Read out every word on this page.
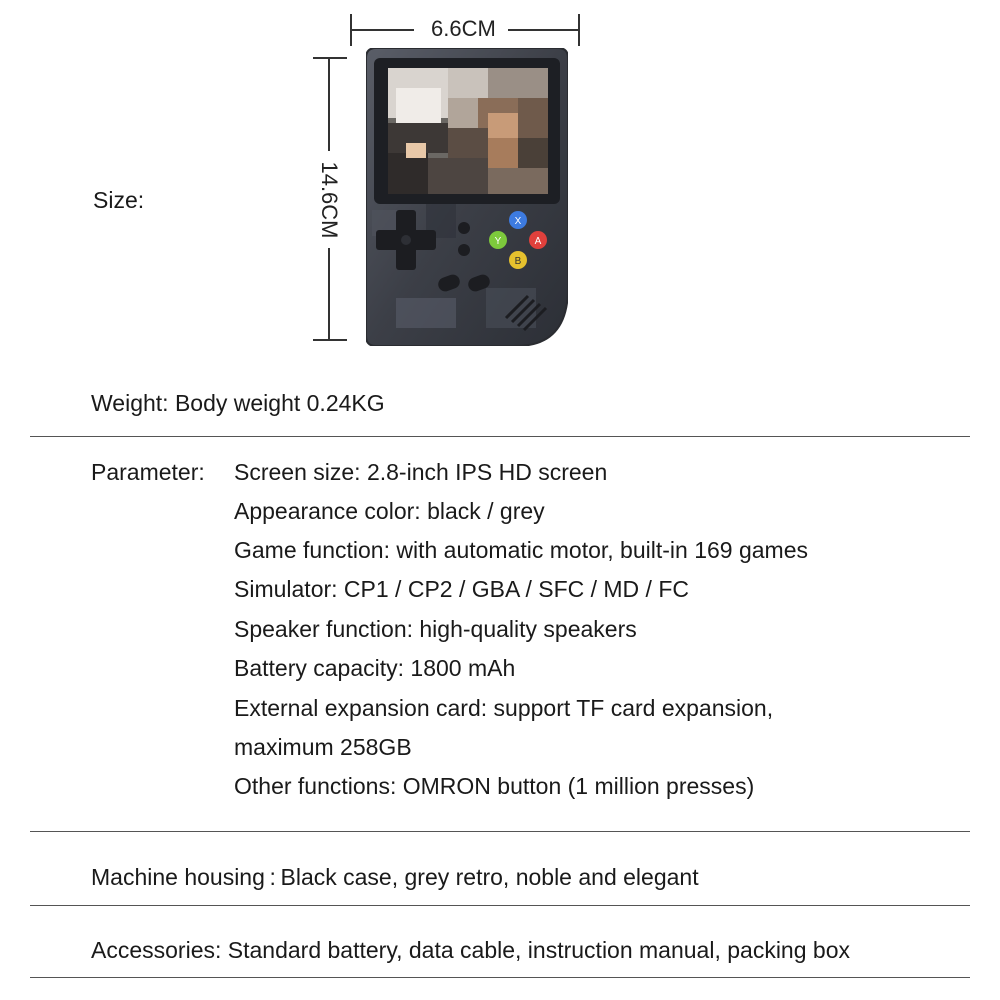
Size:
6.6CM
14.6CM	X
Y	A
B
Weight: Body weight 0.24KG
Parameter: Screen size: 2.8-inch IPS HD screen
Appearance color: black / grey
Game function: with automatic motor, built-in 169 games
Simulator: CP1 / CP2 / GBA / SFC / MD / FC
Speaker function: high-quality speakers
Battery capacity: 1800 mAh
External expansion card: support TF card expansion,
maximum 258GB
Other functions: OMRON button (1 million presses)
Machine housing : Black case, grey retro, noble and elegant
Accessories: Standard battery, data cable, instruction manual, packing box
